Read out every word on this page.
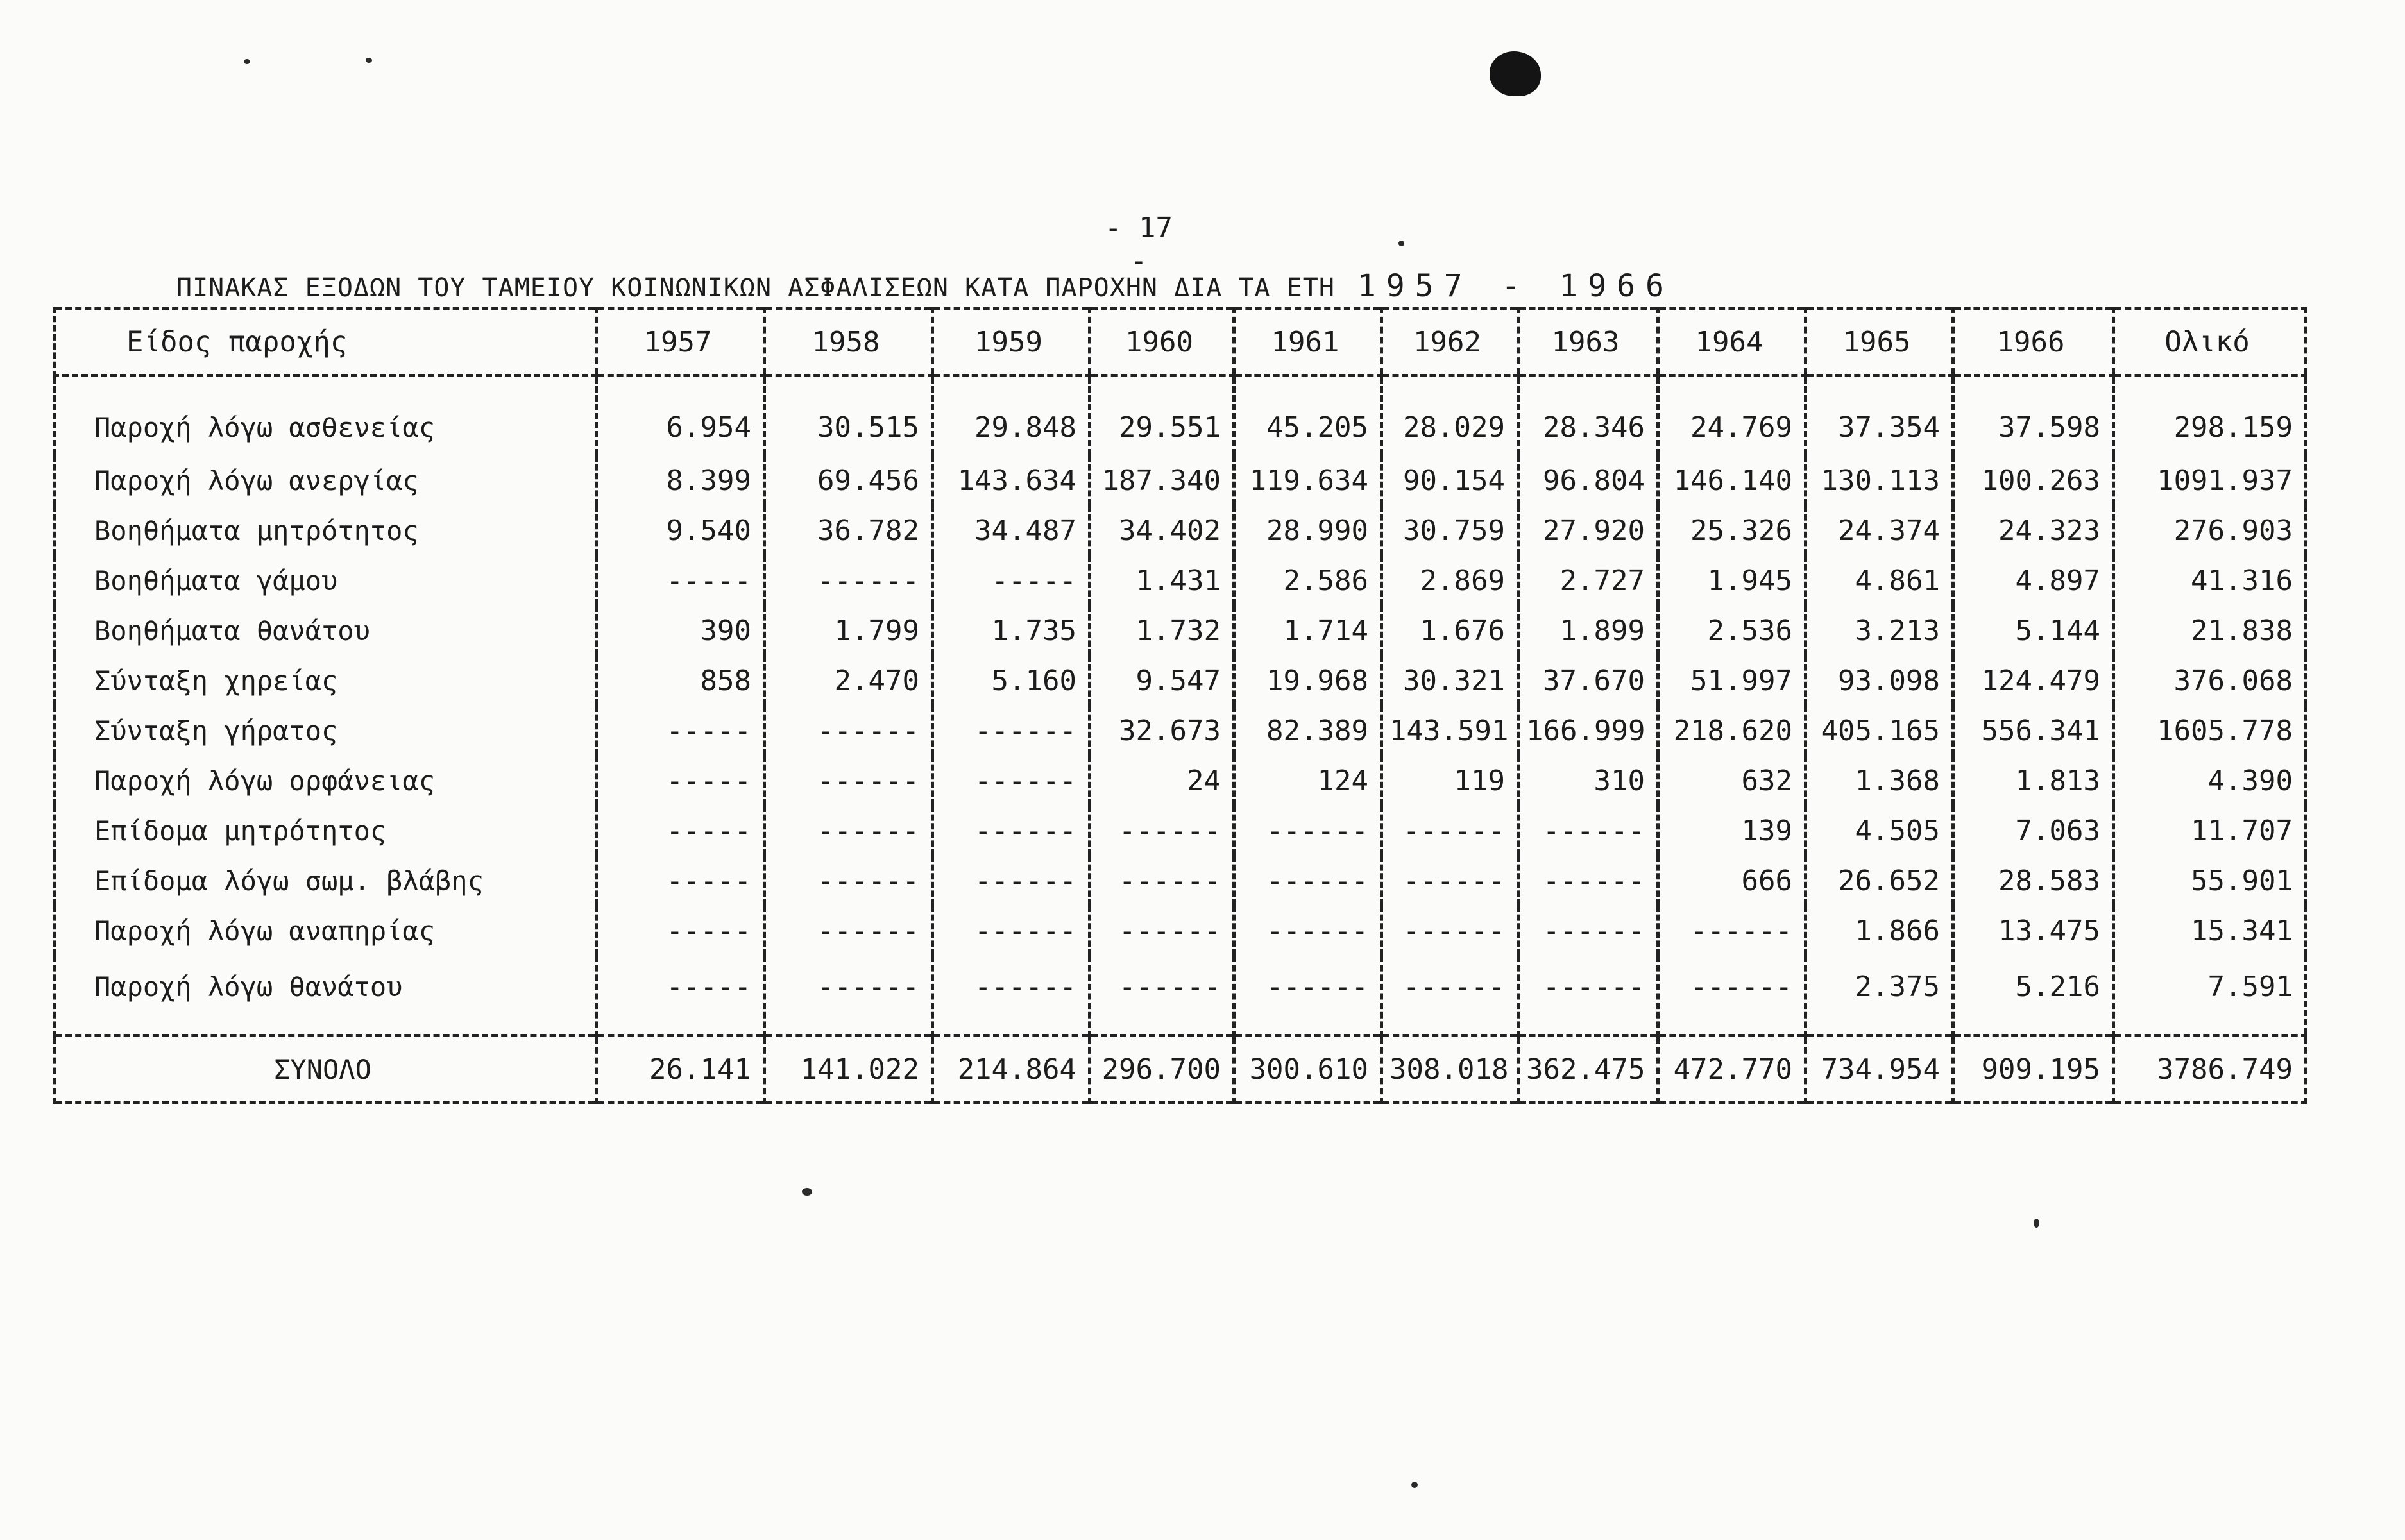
- 17 -
ΠΙΝΑΚΑΣ ΕΞΟΔΩΝ ΤΟΥ ΤΑΜΕΙΟΥ ΚΟΙΝΩΝΙΚΩΝ ΑΣΦΑΛΙΣΕΩΝ ΚΑΤΑ ΠΑΡΟΧΗΝ ΔΙΑ ΤΑ ΕΤΗ 1957 - 1966
Είδος παροχής	1957	1958	1959	1960	1961	1962	1963	1964	1965	1966	Ολικό
Παροχή λόγω ασθενείας	6.954	30.515	29.848	29.551	45.205	28.029	28.346	24.769	37.354	37.598	298.159
Παροχή λόγω ανεργίας	8.399	69.456	143.634	187.340	119.634	90.154	96.804	146.140	130.113	100.263	1091.937
Βοηθήματα μητρότητος	9.540	36.782	34.487	34.402	28.990	30.759	27.920	25.326	24.374	24.323	276.903
Βοηθήματα γάμου	-----	------	-----	1.431	2.586	2.869	2.727	1.945	4.861	4.897	41.316
Βοηθήματα θανάτου	390	1.799	1.735	1.732	1.714	1.676	1.899	2.536	3.213	5.144	21.838
Σύνταξη χηρείας	858	2.470	5.160	9.547	19.968	30.321	37.670	51.997	93.098	124.479	376.068
Σύνταξη γήρατος	-----	------	------	32.673	82.389	143.591	166.999	218.620	405.165	556.341	1605.778
Παροχή λόγω ορφάνειας	-----	------	------	24	124	119	310	632	1.368	1.813	4.390
Επίδομα μητρότητος	-----	------	------	------	------	------	------	139	4.505	7.063	11.707
Επίδομα λόγω σωμ. βλάβης	-----	------	------	------	------	------	------	666	26.652	28.583	55.901
Παροχή λόγω αναπηρίας	-----	------	------	------	------	------	------	------	1.866	13.475	15.341
Παροχή λόγω θανάτου	-----	------	------	------	------	------	------	------	2.375	5.216	7.591
ΣΥΝΟΛΟ	26.141	141.022	214.864	296.700	300.610	308.018	362.475	472.770	734.954	909.195	3786.749
